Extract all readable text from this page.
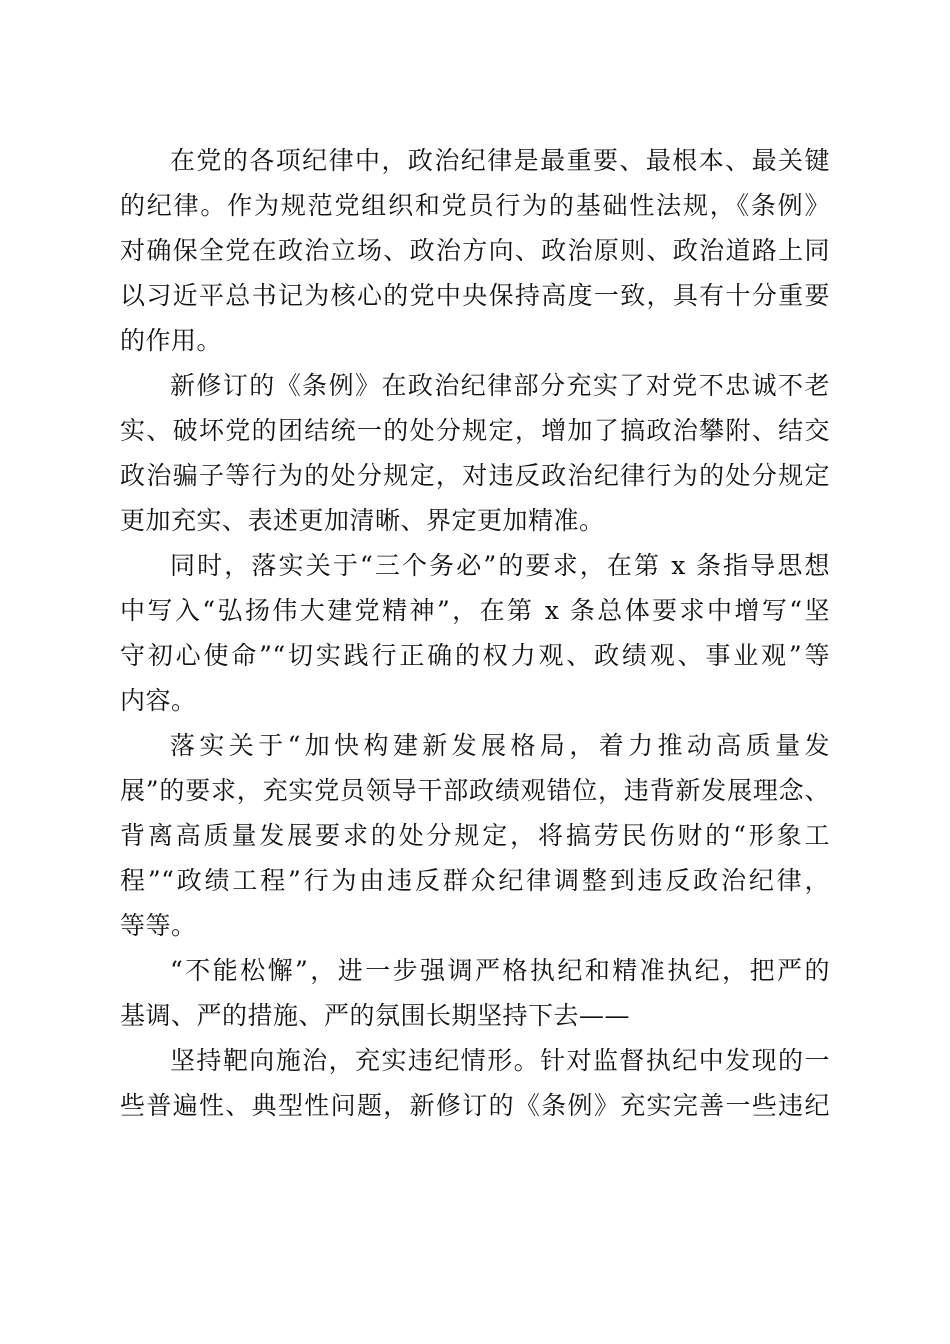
在党的各项纪律中，政治纪律是最重要、最根本、最关键
的纪律。作为规范党组织和党员行为的基础性法规，《条例》
对确保全党在政治立场、政治方向、政治原则、政治道路上同
以习近平总书记为核心的党中央保持高度一致，具有十分重要
的作用。
新修订的《条例》在政治纪律部分充实了对党不忠诚不老
实、破坏党的团结统一的处分规定，增加了搞政治攀附、结交
政治骗子等行为的处分规定，对违反政治纪律行为的处分规定
更加充实、表述更加清晰、界定更加精准。
同时，落实关于“三个务必”的要求，在第 x 条指导思想
中写入“弘扬伟大建党精神”，在第 x 条总体要求中增写“坚
守初心使命”“切实践行正确的权力观、政绩观、事业观”等
内容。
落实关于“加快构建新发展格局，着力推动高质量发
展”的要求，充实党员领导干部政绩观错位，违背新发展理念、
背离高质量发展要求的处分规定，将搞劳民伤财的“形象工
程”“政绩工程”行为由违反群众纪律调整到违反政治纪律，
等等。
“不能松懈”，进一步强调严格执纪和精准执纪，把严的
基调、严的措施、严的氛围长期坚持下去——
坚持靶向施治，充实违纪情形。针对监督执纪中发现的一
些普遍性、典型性问题，新修订的《条例》充实完善一些违纪
